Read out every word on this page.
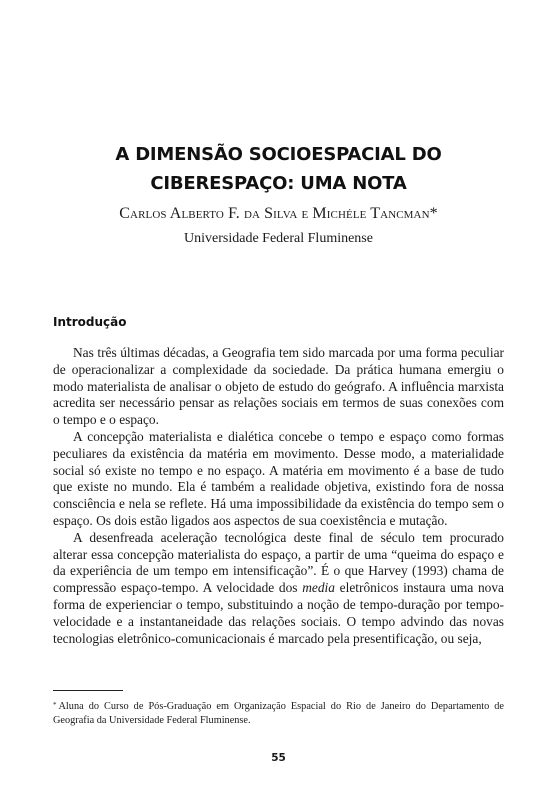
A DIMENSÃO SOCIOESPACIAL DO
CIBERESPAÇO: UMA NOTA
Carlos Alberto F. da Silva e Michéle Tancman*
Universidade Federal Fluminense
Introdução

Nas três últimas décadas, a Geografia tem sido marcada por uma forma peculiar de operacionalizar a complexidade da sociedade. Da prática humana emergiu o modo materialista de analisar o objeto de estudo do geógrafo. A influência marxista acredita ser necessário pensar as relações sociais em termos de suas conexões com o tempo e o espaço.

A concepção materialista e dialética concebe o tempo e espaço como formas peculiares da existência da matéria em movimento. Desse modo, a materialidade social só existe no tempo e no espaço. A matéria em movimento é a base de tudo que existe no mundo. Ela é também a realidade objetiva, existindo fora de nossa consciência e nela se reflete. Há uma impossibilidade da existência do tempo sem o espaço. Os dois estão ligados aos aspectos de sua coexistência e mutação.

A desenfreada aceleração tecnológica deste final de século tem procurado alterar essa concepção materialista do espaço, a partir de uma “queima do espaço e da experiência de um tempo em intensificação”. É o que Harvey (1993) chama de compressão espaço-tempo. A velocidade dos media eletrônicos instaura uma nova forma de experienciar o tempo, substituindo a noção de tempo-duração por tempo-velocidade e a instantaneidade das relações sociais. O tempo advindo das novas tecnologias eletrônico-comunicacionais é marcado pela presentificação, ou seja,

* Aluna do Curso de Pós-Graduação em Organização Espacial do Rio de Janeiro do Departamento de Geografia da Universidade Federal Fluminense.
55
